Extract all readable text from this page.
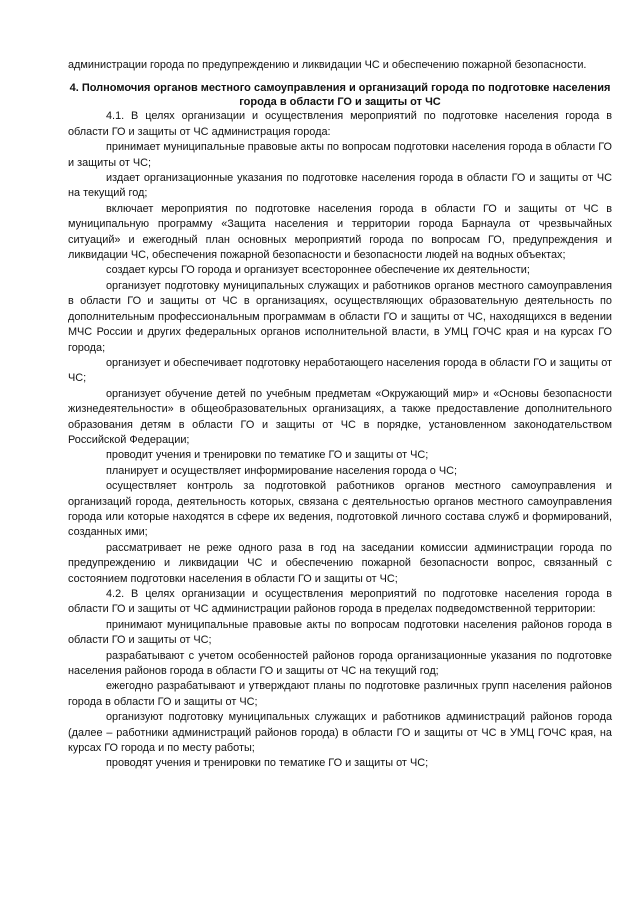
администрации города по предупреждению и ликвидации ЧС и обеспечению пожарной безопасности.

4. Полномочия органов местного самоуправления и организаций города по подготовке населения города в области ГО и защиты от ЧС

4.1. В целях организации и осуществления мероприятий по подготовке населения города в области ГО и защиты от ЧС администрация города:

принимает муниципальные правовые акты по вопросам подготовки населения города в области ГО и защиты от ЧС;

издает организационные указания по подготовке населения города в области ГО и защиты от ЧС на текущий год;

включает мероприятия по подготовке населения города в области ГО и защиты от ЧС в муниципальную программу «Защита населения и территории города Барнаула от чрезвычайных ситуаций» и ежегодный план основных мероприятий города по вопросам ГО, предупреждения и ликвидации ЧС, обеспечения пожарной безопасности и безопасности людей на водных объектах;

создает курсы ГО города и организует всестороннее обеспечение их деятельности;

организует подготовку муниципальных служащих и работников органов местного самоуправления в области ГО и защиты от ЧС в организациях, осуществляющих образовательную деятельность по дополнительным профессиональным программам в области ГО и защиты от ЧС, находящихся в ведении МЧС России и других федеральных органов исполнительной власти, в УМЦ ГОЧС края и на курсах ГО города;

организует и обеспечивает подготовку неработающего населения города в области ГО и защиты от ЧС;

организует обучение детей по учебным предметам «Окружающий мир» и «Основы безопасности жизнедеятельности» в общеобразовательных организациях, а также предоставление дополнительного образования детям в области ГО и защиты от ЧС в порядке, установленном законодательством Российской Федерации;

проводит учения и тренировки по тематике ГО и защиты от ЧС;

планирует и осуществляет информирование населения города о ЧС;

осуществляет контроль за подготовкой работников органов местного самоуправления и организаций города, деятельность которых, связана с деятельностью органов местного самоуправления города или которые находятся в сфере их ведения, подготовкой личного состава служб и формирований, созданных ими;

рассматривает не реже одного раза в год на заседании комиссии администрации города по предупреждению и ликвидации ЧС и обеспечению пожарной безопасности вопрос, связанный с состоянием подготовки населения в области ГО и защиты от ЧС;

4.2. В целях организации и осуществления мероприятий по подготовке населения города в области ГО и защиты от ЧС администрации районов города в пределах подведомственной территории:

принимают муниципальные правовые акты по вопросам подготовки населения районов города в области ГО и защиты от ЧС;

разрабатывают с учетом особенностей районов города организационные указания по подготовке населения районов города в области ГО и защиты от ЧС на текущий год;

ежегодно разрабатывают и утверждают планы по подготовке различных групп населения районов города в области ГО и защиты от ЧС;

организуют подготовку муниципальных служащих и работников администраций районов города (далее – работники администраций районов города) в области ГО и защиты от ЧС в УМЦ ГОЧС края, на курсах ГО города и по месту работы;

проводят учения и тренировки по тематике ГО и защиты от ЧС;
